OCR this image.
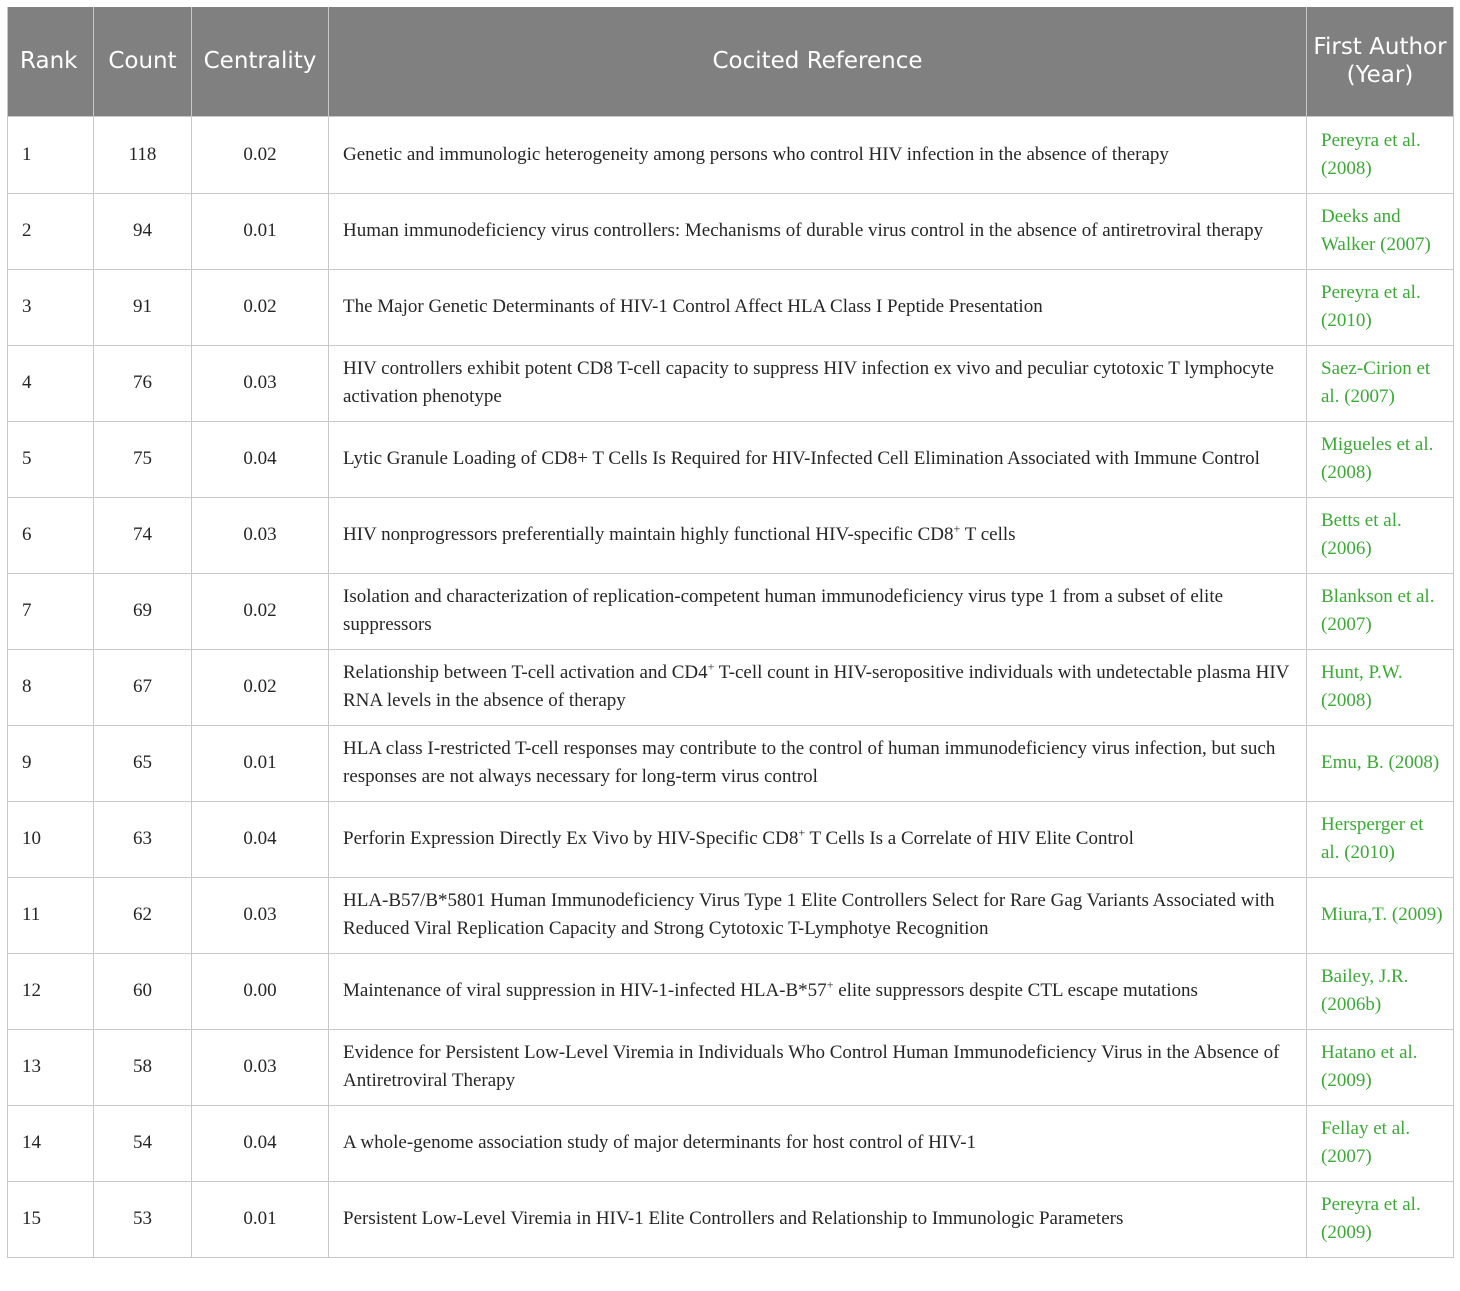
Rank	Count	Centrality	Cocited Reference	First Author (Year)
1	118	0.02	Genetic and immunologic heterogeneity among persons who control HIV infection in the absence of therapy	Pereyra et al. (2008)
2	94	0.01	Human immunodeficiency virus controllers: Mechanisms of durable virus control in the absence of antiretroviral therapy	Deeks and Walker (2007)
3	91	0.02	The Major Genetic Determinants of HIV-1 Control Affect HLA Class I Peptide Presentation	Pereyra et al. (2010)
4	76	0.03	HIV controllers exhibit potent CD8 T-cell capacity to suppress HIV infection ex vivo and peculiar cytotoxic T lymphocyte activation phenotype	Saez-Cirion et al. (2007)
5	75	0.04	Lytic Granule Loading of CD8+ T Cells Is Required for HIV-Infected Cell Elimination Associated with Immune Control	Migueles et al. (2008)
6	74	0.03	HIV nonprogressors preferentially maintain highly functional HIV-specific CD8+ T cells	Betts et al. (2006)
7	69	0.02	Isolation and characterization of replication-competent human immunodeficiency virus type 1 from a subset of elite suppressors	Blankson et al. (2007)
8	67	0.02	Relationship between T-cell activation and CD4+ T-cell count in HIV-seropositive individuals with undetectable plasma HIV RNA levels in the absence of therapy	Hunt, P.W. (2008)
9	65	0.01	HLA class I-restricted T-cell responses may contribute to the control of human immunodeficiency virus infection, but such responses are not always necessary for long-term virus control	Emu, B. (2008)
10	63	0.04	Perforin Expression Directly Ex Vivo by HIV-Specific CD8+ T Cells Is a Correlate of HIV Elite Control	Hersperger et al. (2010)
11	62	0.03	HLA-B57/B*5801 Human Immunodeficiency Virus Type 1 Elite Controllers Select for Rare Gag Variants Associated with Reduced Viral Replication Capacity and Strong Cytotoxic T-Lymphotye Recognition	Miura,T. (2009)
12	60	0.00	Maintenance of viral suppression in HIV-1-infected HLA-B*57+ elite suppressors despite CTL escape mutations	Bailey, J.R. (2006b)
13	58	0.03	Evidence for Persistent Low-Level Viremia in Individuals Who Control Human Immunodeficiency Virus in the Absence of Antiretroviral Therapy	Hatano et al. (2009)
14	54	0.04	A whole-genome association study of major determinants for host control of HIV-1	Fellay et al. (2007)
15	53	0.01	Persistent Low-Level Viremia in HIV-1 Elite Controllers and Relationship to Immunologic Parameters	Pereyra et al. (2009)
